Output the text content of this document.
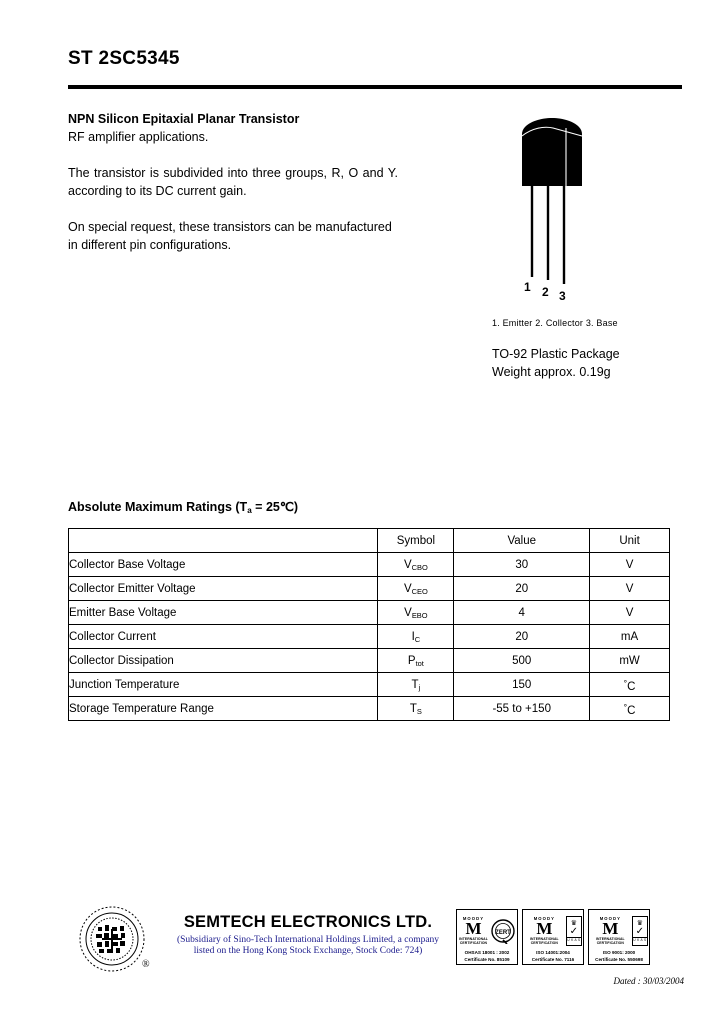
ST 2SC5345

NPN Silicon Epitaxial Planar Transistor

RF amplifier applications.

The transistor is subdivided into three groups, R, O and Y. according to its DC current gain.

On special request, these transistors can be manufactured in different pin configurations.

1 2 3
1. Emitter 2. Collector 3. Base
TO-92 Plastic Package
Weight approx. 0.19g
Absolute Maximum Ratings ($T_a$ = 25℃)
	Symbol	Value	Unit
Collector Base Voltage	$V_{CBO}$	30	V
Collector Emitter Voltage	$V_{CEO}$	20	V
Emitter Base Voltage	$V_{EBO}$	4	V
Collector Current	$I_C$	20	mA
Collector Dissipation	$P_{tot}$	500	mW
Junction Temperature	$T_j$	150	°C
Storage Temperature Range	$T_S$	-55 to +150	°C
®
SEMTECH ELECTRONICS LTD.
(Subsidiary of Sino-Tech International Holdings Limited, a company
listed on the Hong Kong Stock Exchange, Stock Code: 724)
MOODY
M
INTERNATIONAL CERTIFICATION
ZERT
OHSAS 18001 : 2002
Certificate No. 85109
MOODY
M
INTERNATIONAL CERTIFICATION
♛
✓
U K A S
ISO 14001:2004
Certificate No. 7116
MOODY
M
INTERNATIONAL CERTIFICATION
♛
✓
U K A S
ISO 9001: 2000
Certificate No. 550698
Dated : 30/03/2004
